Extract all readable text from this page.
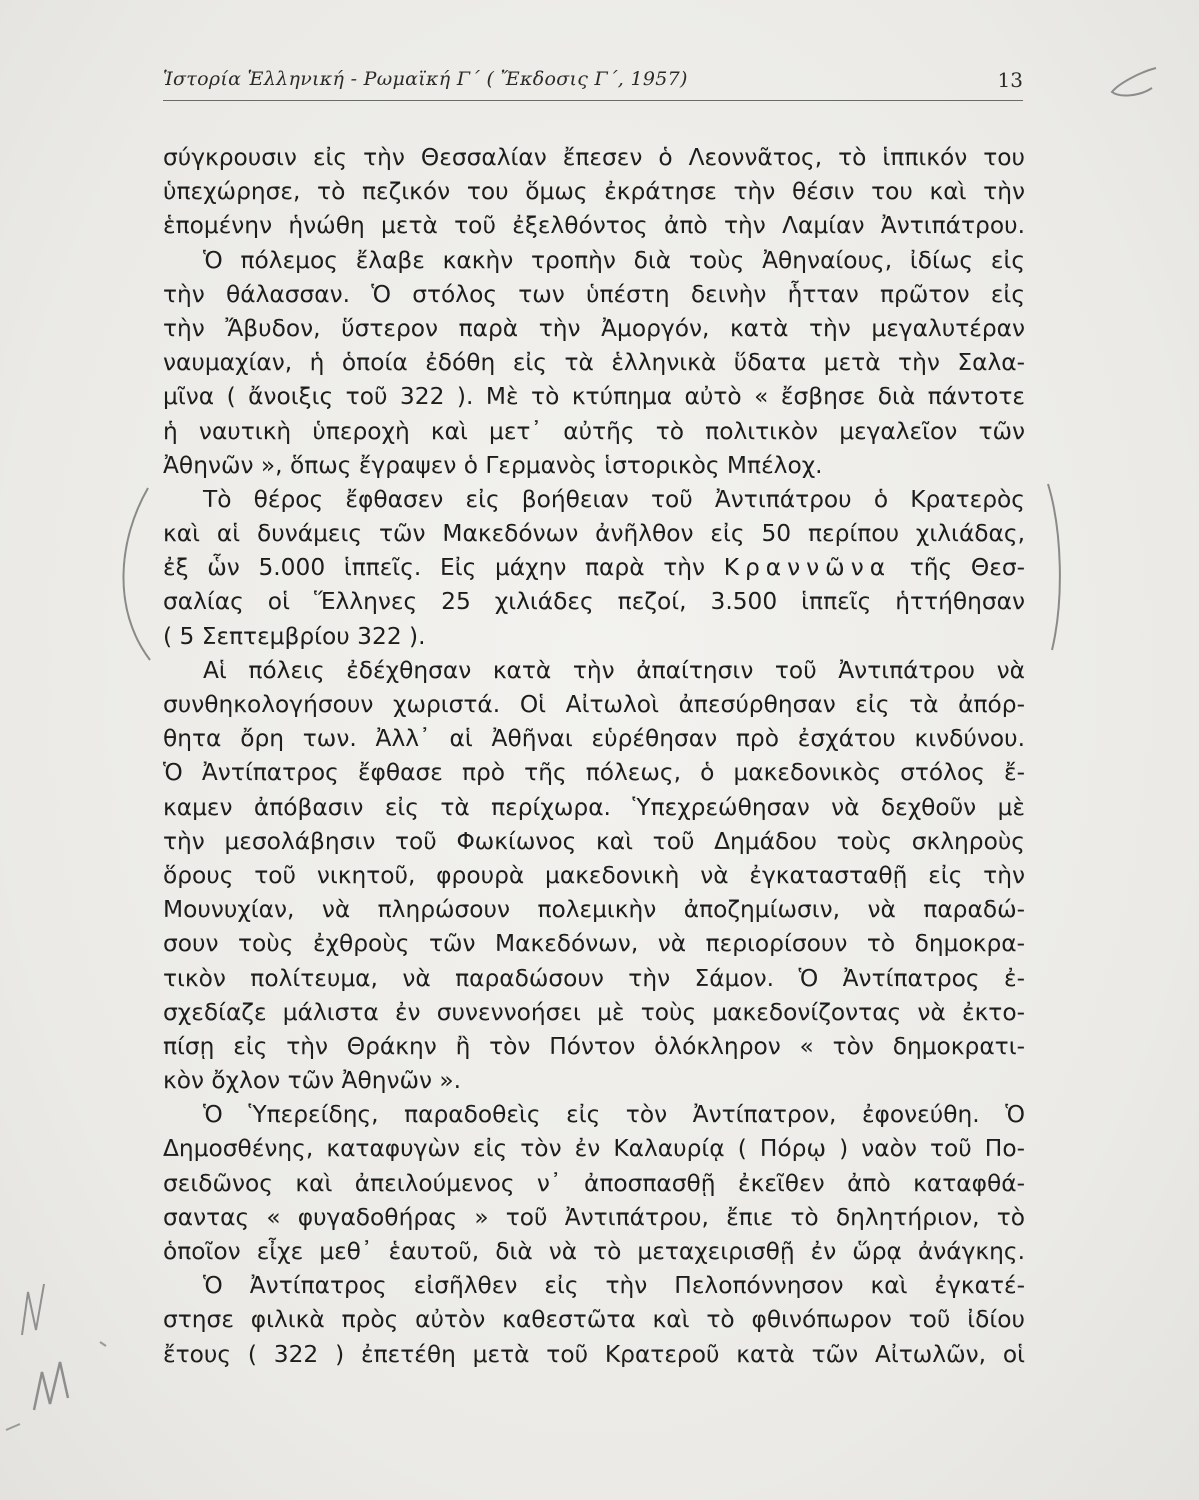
Ἱστορία Ἑλληνική - Ρωμαϊκή Γ´ ( Ἔκδοσις Γ´, 1957)	13
σύγκρουσιν εἰς τὴν Θεσσαλίαν ἔπεσεν ὁ Λεοννᾶτος, τὸ ἱππικόν του
ὑπεχώρησε, τὸ πεζικόν του ὅμως ἐκράτησε τὴν θέσιν του καὶ τὴν
ἑπομένην ἡνώθη μετὰ τοῦ ἐξελθόντος ἀπὸ τὴν Λαμίαν Ἀντιπάτρου.
Ὁ πόλεμος ἔλαβε κακὴν τροπὴν διὰ τοὺς Ἀθηναίους, ἰδίως εἰς
τὴν θάλασσαν. Ὁ στόλος των ὑπέστη δεινὴν ἧτταν πρῶτον εἰς
τὴν Ἄβυδον, ὕστερον παρὰ τὴν Ἀμοργόν, κατὰ τὴν μεγαλυτέραν
ναυμαχίαν, ἡ ὁποία ἐδόθη εἰς τὰ ἑλληνικὰ ὕδατα μετὰ τὴν Σαλα-
μῖνα ( ἄνοιξις τοῦ 322 ). Μὲ τὸ κτύπημα αὐτὸ « ἔσβησε διὰ πάντοτε
ἡ ναυτικὴ ὑπεροχὴ καὶ μετ᾽ αὐτῆς τὸ πολιτικὸν μεγαλεῖον τῶν
Ἀθηνῶν », ὅπως ἔγραψεν ὁ Γερμανὸς ἱστορικὸς Μπέλοχ.
Τὸ θέρος ἔφθασεν εἰς βοήθειαν τοῦ Ἀντιπάτρου ὁ Κρατερὸς
καὶ αἱ δυνάμεις τῶν Μακεδόνων ἀνῆλθον εἰς 50 περίπου χιλιάδας,
ἐξ ὧν 5.000 ἱππεῖς. Εἰς μάχην παρὰ τὴν Κραννῶνα τῆς Θεσ-
σαλίας οἱ Ἕλληνες 25 χιλιάδες πεζοί, 3.500 ἱππεῖς ἡττήθησαν
( 5 Σεπτεμβρίου 322 ).
Αἱ πόλεις ἐδέχθησαν κατὰ τὴν ἀπαίτησιν τοῦ Ἀντιπάτρου νὰ
συνθηκολογήσουν χωριστά. Οἱ Αἰτωλοὶ ἀπεσύρθησαν εἰς τὰ ἀπόρ-
θητα ὄρη των. Ἀλλ᾽ αἱ Ἀθῆναι εὑρέθησαν πρὸ ἐσχάτου κινδύνου.
Ὁ Ἀντίπατρος ἔφθασε πρὸ τῆς πόλεως, ὁ μακεδονικὸς στόλος ἔ-
καμεν ἀπόβασιν εἰς τὰ περίχωρα. Ὑπεχρεώθησαν νὰ δεχθοῦν μὲ
τὴν μεσολάβησιν τοῦ Φωκίωνος καὶ τοῦ Δημάδου τοὺς σκληροὺς
ὅρους τοῦ νικητοῦ, φρουρὰ μακεδονικὴ νὰ ἐγκατασταθῇ εἰς τὴν
Μουνυχίαν, νὰ πληρώσουν πολεμικὴν ἀποζημίωσιν, νὰ παραδώ-
σουν τοὺς ἐχθροὺς τῶν Μακεδόνων, νὰ περιορίσουν τὸ δημοκρα-
τικὸν πολίτευμα, νὰ παραδώσουν τὴν Σάμον. Ὁ Ἀντίπατρος ἐ-
σχεδίαζε μάλιστα ἐν συνεννοήσει μὲ τοὺς μακεδονίζοντας νὰ ἐκτο-
πίσῃ εἰς τὴν Θράκην ἢ τὸν Πόντον ὁλόκληρον « τὸν δημοκρατι-
κὸν ὄχλον τῶν Ἀθηνῶν ».
Ὁ Ὑπερείδης, παραδοθεὶς εἰς τὸν Ἀντίπατρον, ἐφονεύθη. Ὁ
Δημοσθένης, καταφυγὼν εἰς τὸν ἐν Καλαυρίᾳ ( Πόρῳ ) ναὸν τοῦ Πο-
σειδῶνος καὶ ἀπειλούμενος ν᾽ ἀποσπασθῇ ἐκεῖθεν ἀπὸ καταφθά-
σαντας « φυγαδοθήρας » τοῦ Ἀντιπάτρου, ἔπιε τὸ δηλητήριον, τὸ
ὁποῖον εἶχε μεθ᾽ ἑαυτοῦ, διὰ νὰ τὸ μεταχειρισθῇ ἐν ὥρᾳ ἀνάγκης.
Ὁ Ἀντίπατρος εἰσῆλθεν εἰς τὴν Πελοπόννησον καὶ ἐγκατέ-
στησε φιλικὰ πρὸς αὐτὸν καθεστῶτα καὶ τὸ φθινόπωρον τοῦ ἰδίου
ἔτους ( 322 ) ἐπετέθη μετὰ τοῦ Κρατεροῦ κατὰ τῶν Αἰτωλῶν, οἱ
